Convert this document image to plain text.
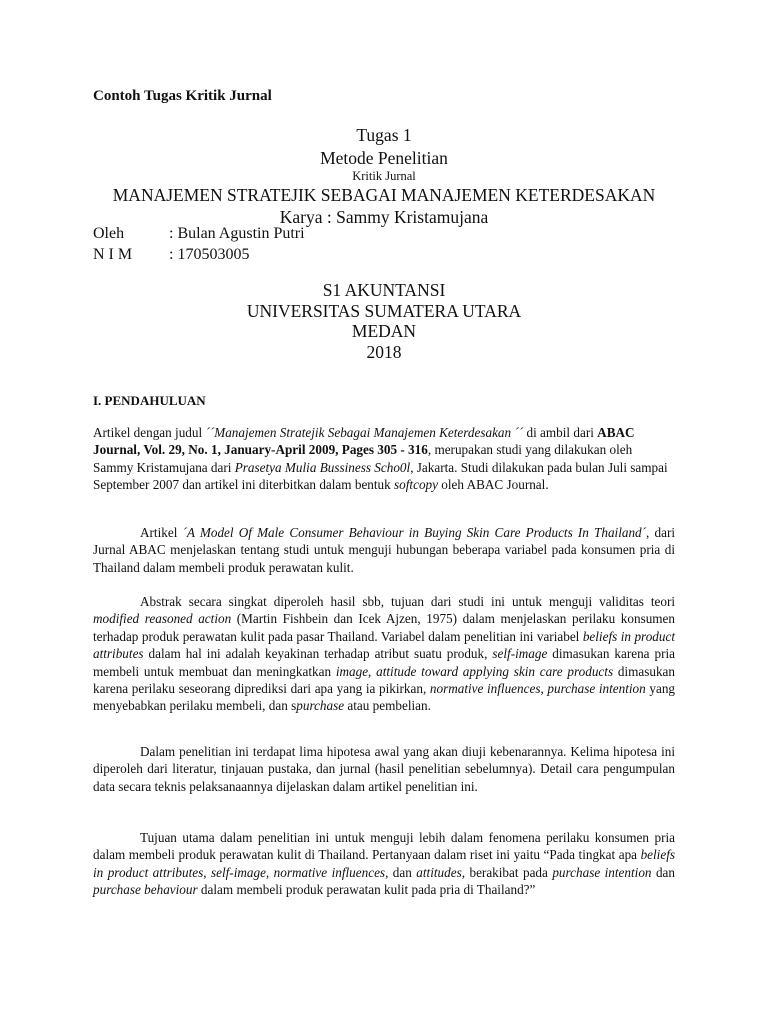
Contoh Tugas Kritik Jurnal
Tugas 1
Metode Penelitian
Kritik Jurnal
MANAJEMEN STRATEJIK SEBAGAI MANAJEMEN KETERDESAKAN
Karya : Sammy Kristamujana
Oleh	: Bulan Agustin Putri
N I M : 170503005
S1 AKUNTANSI
UNIVERSITAS SUMATERA UTARA
MEDAN
2018
I. PENDAHULUAN

Artikel dengan judul ´´Manajemen Stratejik Sebagai Manajemen Keterdesakan ´´ di ambil dari ABAC Journal, Vol. 29, No. 1, January-April 2009, Pages 305 - 316, merupakan studi yang dilakukan oleh Sammy Kristamujana dari Prasetya Mulia Bussiness Scho0l, Jakarta. Studi dilakukan pada bulan Juli sampai September 2007 dan artikel ini diterbitkan dalam bentuk softcopy oleh ABAC Journal.

Artikel ´A Model Of Male Consumer Behaviour in Buying Skin Care Products In Thailand´, dari Jurnal ABAC menjelaskan tentang studi untuk menguji hubungan beberapa variabel pada konsumen pria di Thailand dalam membeli produk perawatan kulit.

Abstrak secara singkat diperoleh hasil sbb, tujuan dari studi ini untuk menguji validitas teori modified reasoned action (Martin Fishbein dan Icek Ajzen, 1975) dalam menjelaskan perilaku konsumen terhadap produk perawatan kulit pada pasar Thailand. Variabel dalam penelitian ini variabel beliefs in product attributes dalam hal ini adalah keyakinan terhadap atribut suatu produk, self-image dimasukan karena pria membeli untuk membuat dan meningkatkan image, attitude toward applying skin care products dimasukan karena perilaku seseorang diprediksi dari apa yang ia pikirkan, normative influences, purchase intention yang menyebabkan perilaku membeli, dan spurchase atau pembelian.

Dalam penelitian ini terdapat lima hipotesa awal yang akan diuji kebenarannya. Kelima hipotesa ini diperoleh dari literatur, tinjauan pustaka, dan jurnal (hasil penelitian sebelumnya). Detail cara pengumpulan data secara teknis pelaksanaannya dijelaskan dalam artikel penelitian ini.

Tujuan utama dalam penelitian ini untuk menguji lebih dalam fenomena perilaku konsumen pria dalam membeli produk perawatan kulit di Thailand. Pertanyaan dalam riset ini yaitu “Pada tingkat apa beliefs in product attributes, self-image, normative influences, dan attitudes, berakibat pada purchase intention dan purchase behaviour dalam membeli produk perawatan kulit pada pria di Thailand?”
